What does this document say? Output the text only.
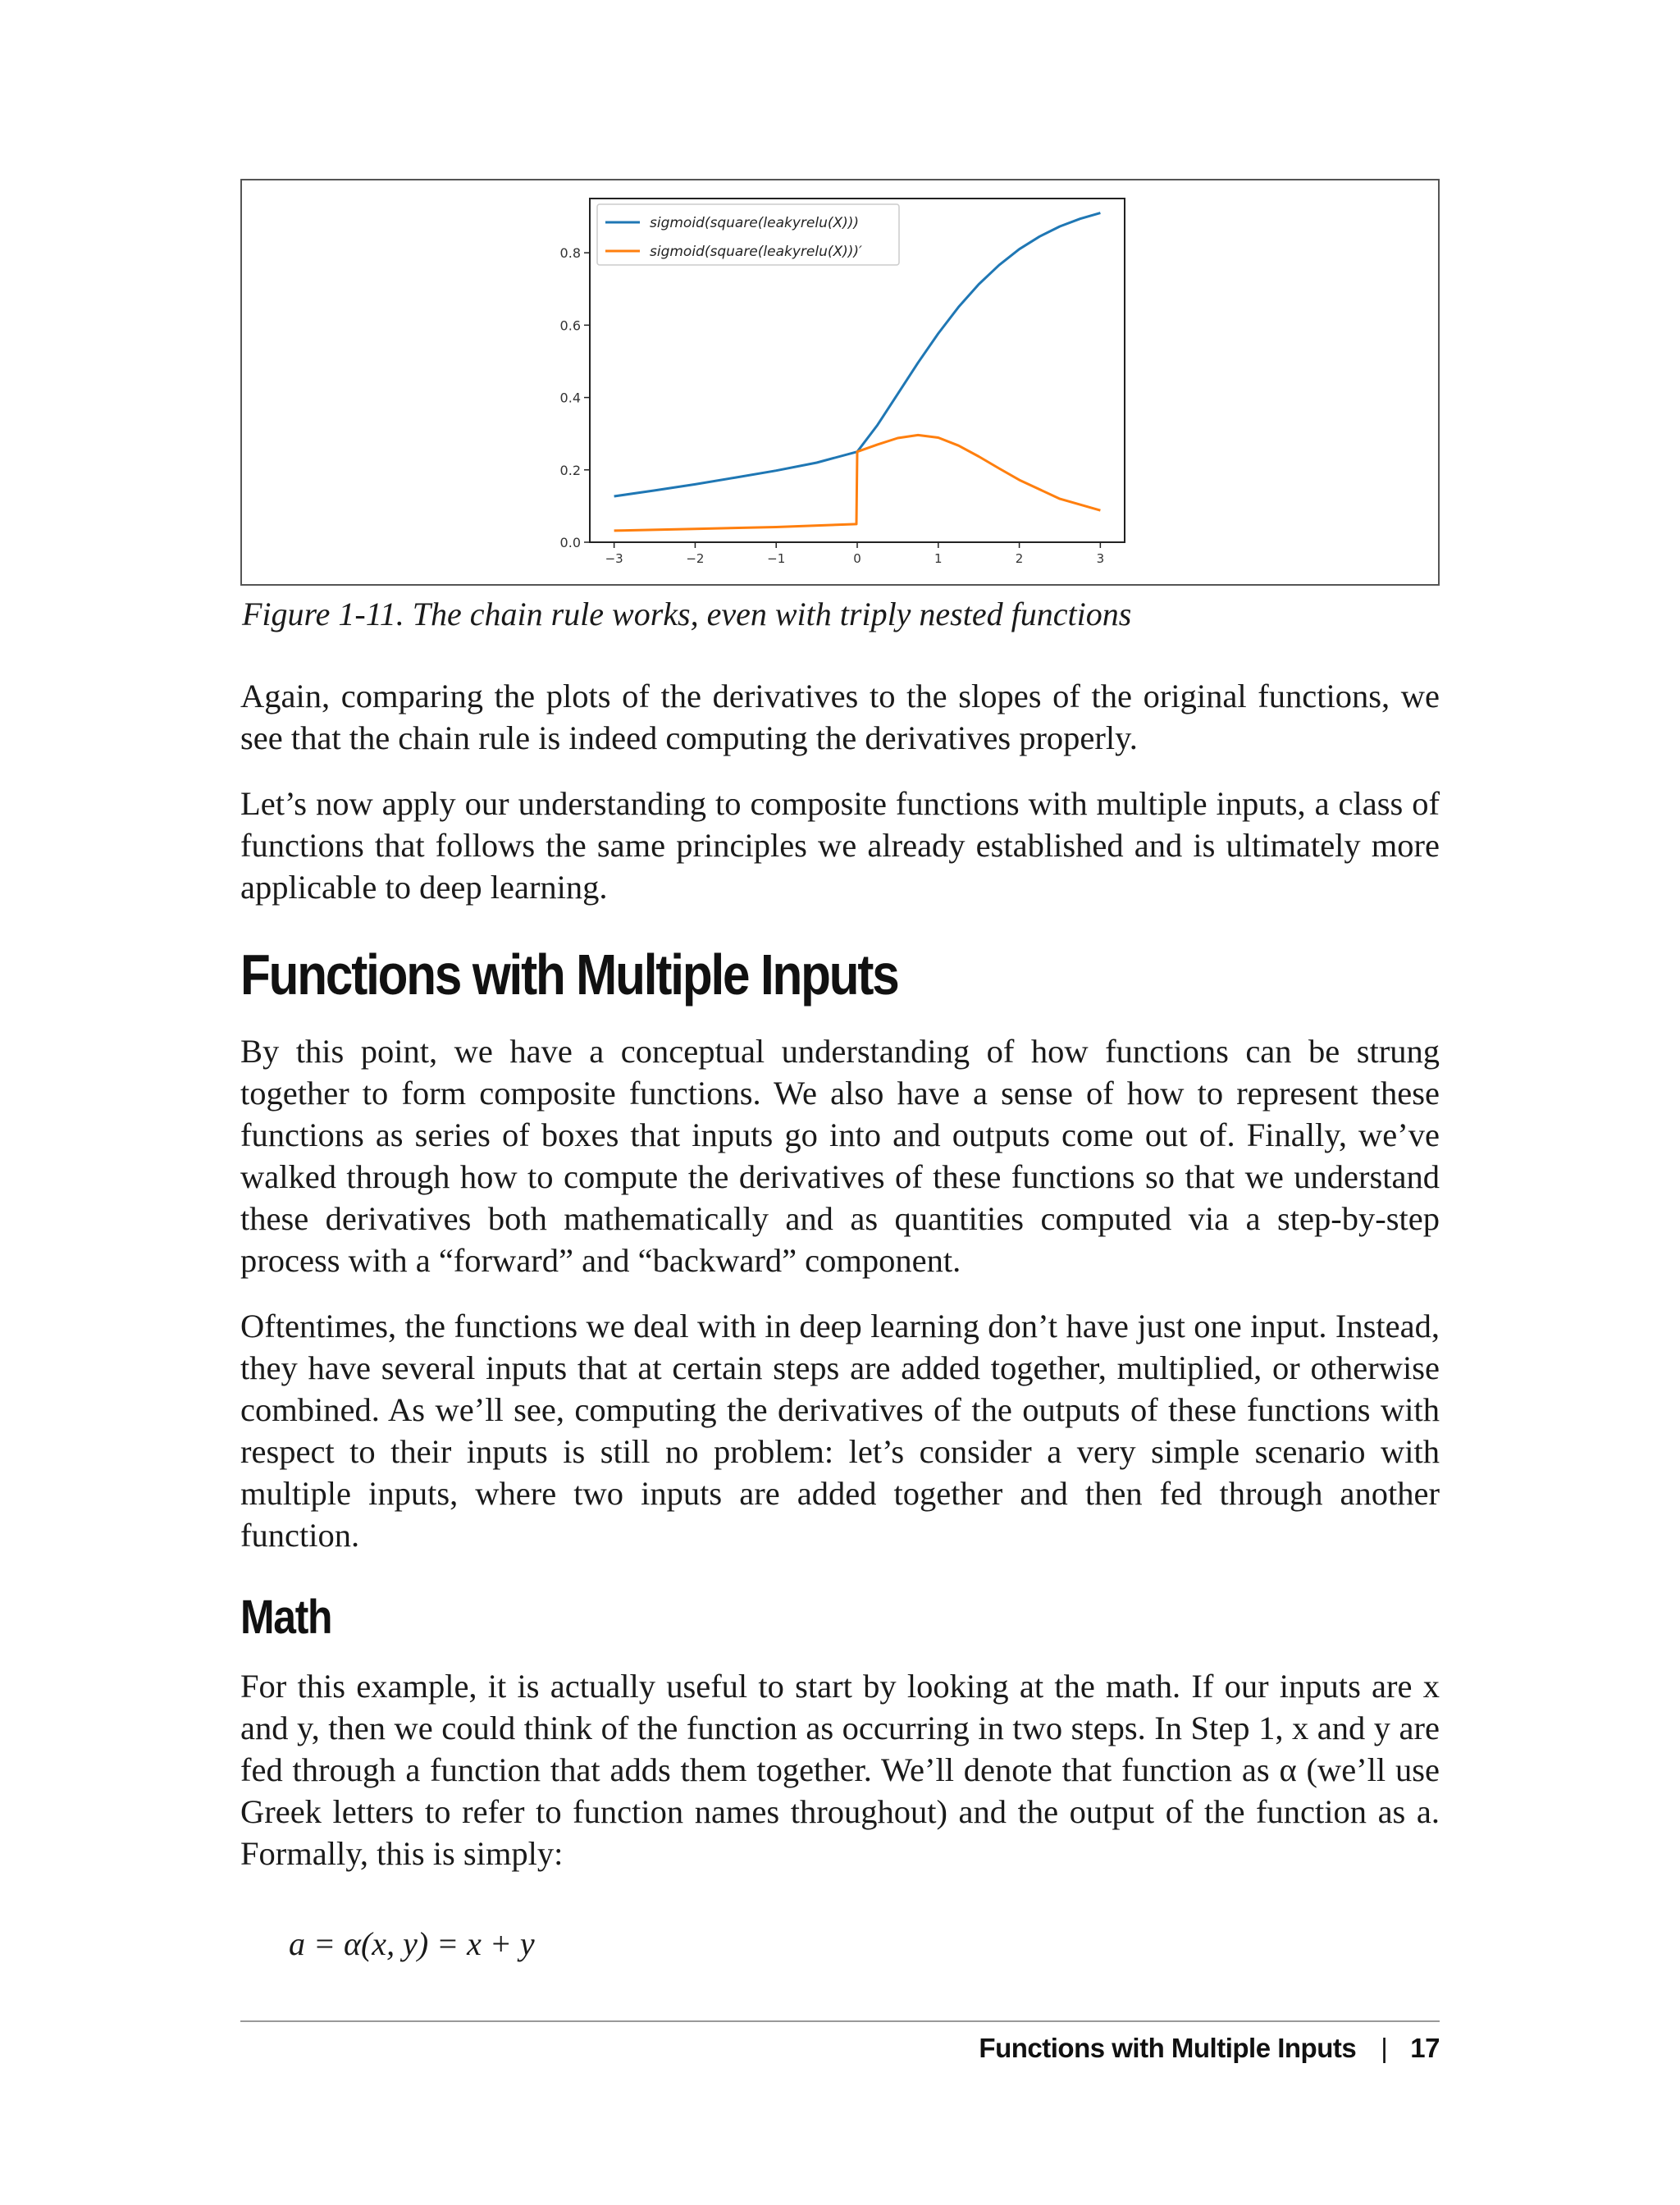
−3	−2	−1	0	1	2	3
0.0
0.2
0.4
0.6
0.8
sigmoid(square(leakyrelu(X)))
sigmoid(square(leakyrelu(X)))′

Figure 1-11. The chain rule works, even with triply nested functions

Again, comparing the plots of the derivatives to the slopes of the original functions, we see that the chain rule is indeed computing the derivatives properly.

Let’s now apply our understanding to composite functions with multiple inputs, a class of functions that follows the same principles we already established and is ultimately more applicable to deep learning.

Functions with Multiple Inputs

By this point, we have a conceptual understanding of how functions can be strung together to form composite functions. We also have a sense of how to represent these functions as series of boxes that inputs go into and outputs come out of. Finally, we’ve walked through how to compute the derivatives of these functions so that we understand these derivatives both mathematically and as quantities computed via a step-by-step process with a “forward” and “backward” component.

Oftentimes, the functions we deal with in deep learning don’t have just one input. Instead, they have several inputs that at certain steps are added together, multiplied, or otherwise combined. As we’ll see, computing the derivatives of the outputs of these functions with respect to their inputs is still no problem: let’s consider a very simple scenario with multiple inputs, where two inputs are added together and then fed through another function.

Math

For this example, it is actually useful to start by looking at the math. If our inputs are x and y, then we could think of the function as occurring in two steps. In Step 1, x and y are fed through a function that adds them together. We’ll denote that function as α (we’ll use Greek letters to refer to function names throughout) and the output of the function as a. Formally, this is simply:

a = α(x, y) = x + y

Functions with Multiple Inputs | 17
